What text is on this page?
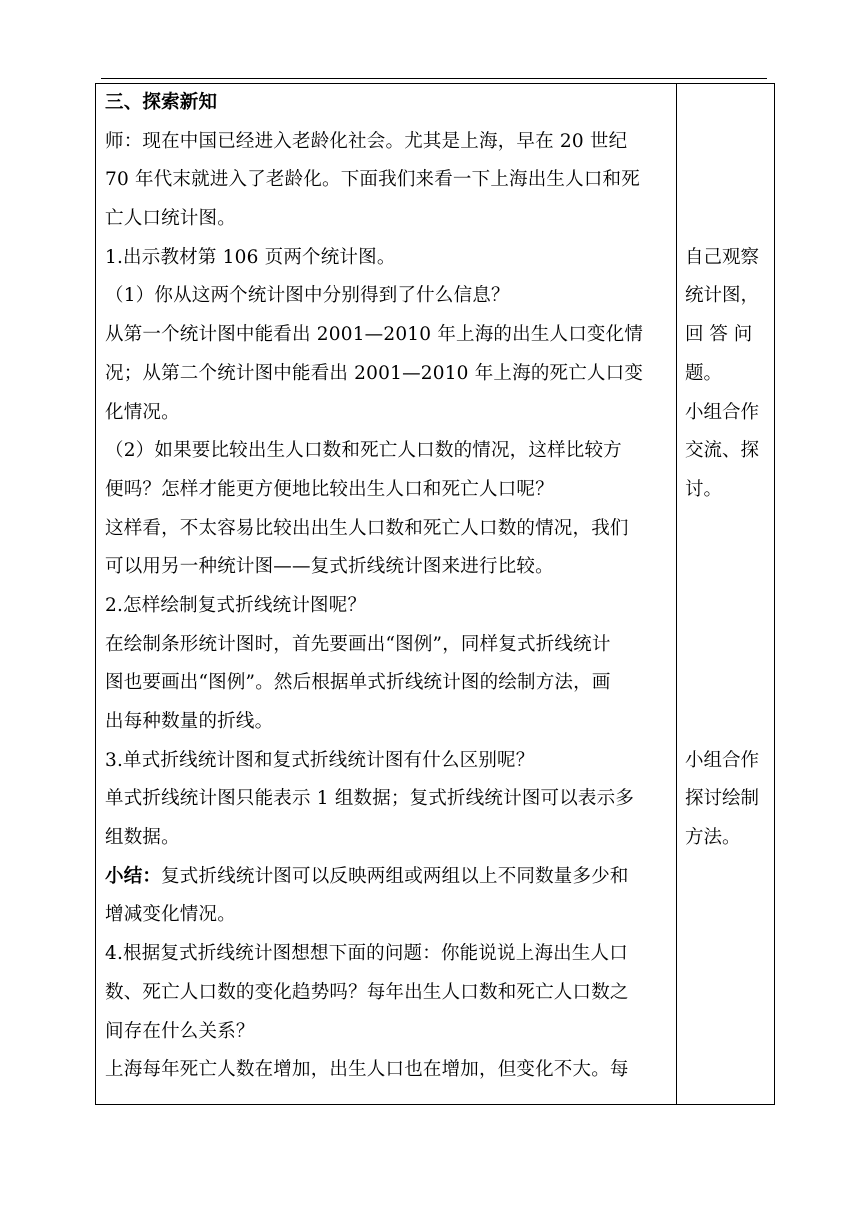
三、探索新知
师：现在中国已经进入老龄化社会。尤其是上海，早在 20 世纪
70 年代末就进入了老龄化。下面我们来看一下上海出生人口和死
亡人口统计图。
1.出示教材第 106 页两个统计图。
（1）你从这两个统计图中分别得到了什么信息？
从第一个统计图中能看出 2001—2010 年上海的出生人口变化情
况；从第二个统计图中能看出 2001—2010 年上海的死亡人口变
化情况。
（2）如果要比较出生人口数和死亡人口数的情况，这样比较方
便吗？怎样才能更方便地比较出生人口和死亡人口呢？
这样看，不太容易比较出出生人口数和死亡人口数的情况，我们
可以用另一种统计图——复式折线统计图来进行比较。
2.怎样绘制复式折线统计图呢？
在绘制条形统计图时，首先要画出“图例”，同样复式折线统计
图也要画出“图例”。然后根据单式折线统计图的绘制方法，画
出每种数量的折线。
3.单式折线统计图和复式折线统计图有什么区别呢？
单式折线统计图只能表示 1 组数据；复式折线统计图可以表示多
组数据。
小结：复式折线统计图可以反映两组或两组以上不同数量多少和
增减变化情况。
4.根据复式折线统计图想想下面的问题：你能说说上海出生人口
数、死亡人口数的变化趋势吗？每年出生人口数和死亡人口数之
间存在什么关系？
上海每年死亡人数在增加，出生人口也在增加，但变化不大。每
自己观察
统计图，
回 答 问
题。
小组合作
交流、探
讨。
小组合作
探讨绘制
方法。
